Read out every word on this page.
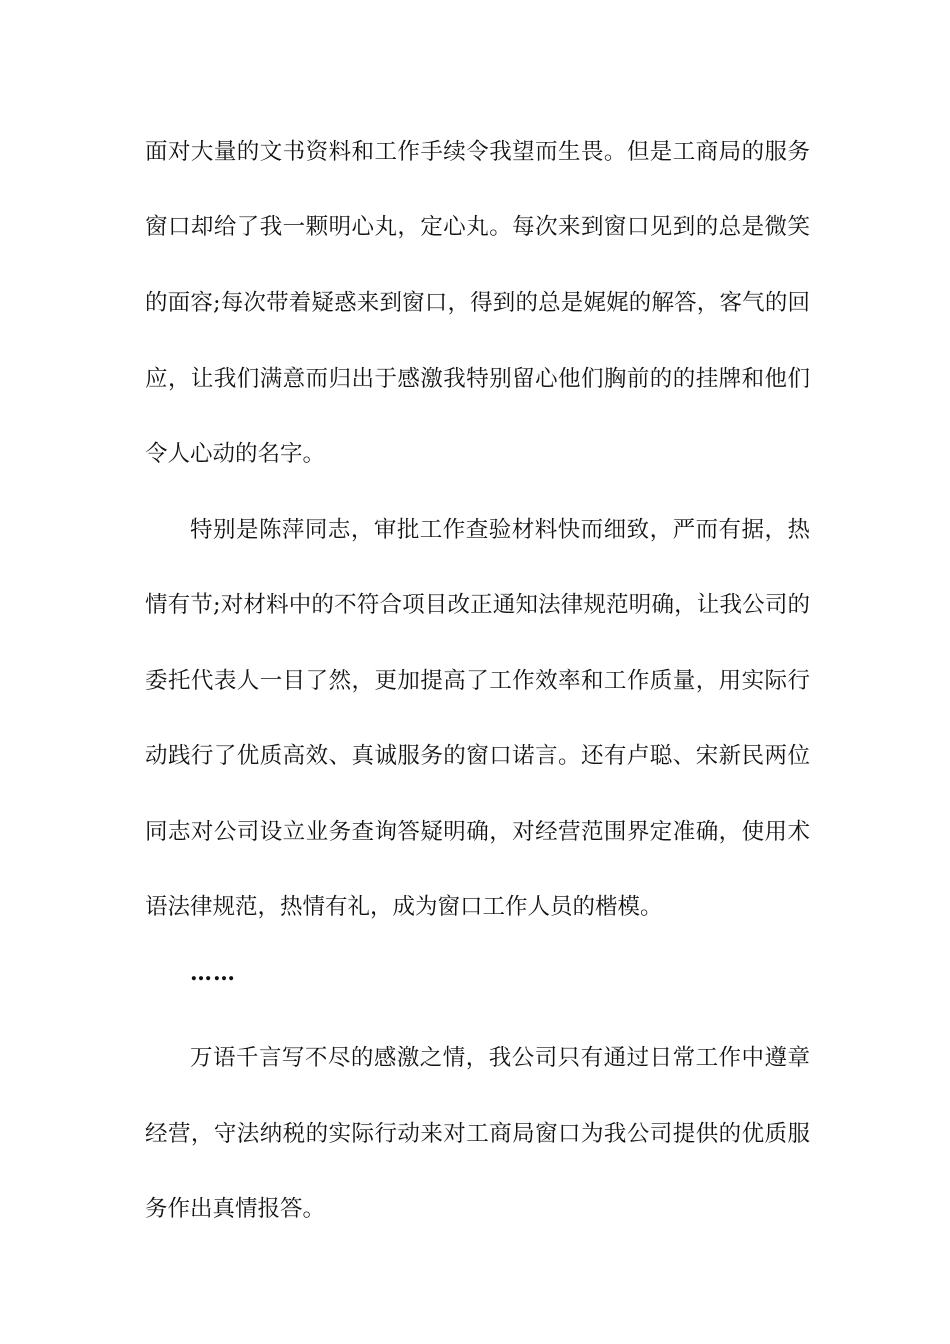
面对大量的文书资料和工作手续令我望而生畏。但是工商局的服务
窗口却给了我一颗明心丸，定心丸。每次来到窗口见到的总是微笑
的面容;每次带着疑惑来到窗口，得到的总是娓娓的解答，客气的回
应，让我们满意而归出于感激我特别留心他们胸前的的挂牌和他们
令人心动的名字。
特别是陈萍同志，审批工作查验材料快而细致，严而有据，热
情有节;对材料中的不符合项目改正通知法律规范明确，让我公司的
委托代表人一目了然，更加提高了工作效率和工作质量，用实际行
动践行了优质高效、真诚服务的窗口诺言。还有卢聪、宋新民两位
同志对公司设立业务查询答疑明确，对经营范围界定准确，使用术
语法律规范，热情有礼，成为窗口工作人员的楷模。
……
万语千言写不尽的感激之情，我公司只有通过日常工作中遵章
经营，守法纳税的实际行动来对工商局窗口为我公司提供的优质服
务作出真情报答。
